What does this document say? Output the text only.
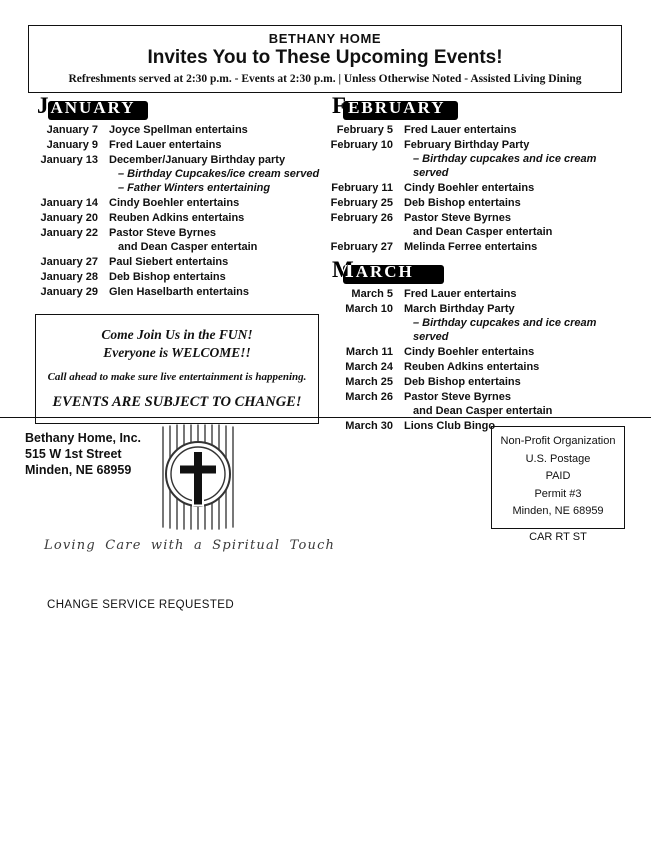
BETHANY HOME
Invites You to These Upcoming Events!
Refreshments served at 2:30 p.m. - Events at 2:30 p.m. | Unless Otherwise Noted - Assisted Living Dining
JANUARY
January 7 Joyce Spellman entertains
January 9 Fred Lauer entertains
January 13 December/January Birthday party
– Birthday Cupcakes/ice cream served
– Father Winters entertaining
January 14 Cindy Boehler entertains
January 20 Reuben Adkins entertains
January 22 Pastor Steve Byrnes
and Dean Casper entertain
January 27 Paul Siebert entertains
January 28 Deb Bishop entertains
January 29 Glen Haselbarth entertains
Come Join Us in the FUN!
Everyone is WELCOME!!
Call ahead to make sure live entertainment is happening.
EVENTS ARE SUBJECT TO CHANGE!
FEBRUARY
February 5 Fred Lauer entertains
February 10 February Birthday Party
– Birthday cupcakes and ice cream served
February 11 Cindy Boehler entertains
February 25 Deb Bishop entertains
February 26 Pastor Steve Byrnes
and Dean Casper entertain
February 27 Melinda Ferree entertains
MARCH
March 5 Fred Lauer entertains
March 10 March Birthday Party
– Birthday cupcakes and ice cream served
March 11 Cindy Boehler entertains
March 24 Reuben Adkins entertains
March 25 Deb Bishop entertains
March 26 Pastor Steve Byrnes
and Dean Casper entertain
March 30 Lions Club Bingo
Bethany Home, Inc.
515 W 1st Street
Minden, NE 68959
Loving Care with a Spiritual Touch
Non-Profit Organization
U.S. Postage
PAID
Permit #3
Minden, NE 68959
CAR RT ST
CHANGE SERVICE REQUESTED
